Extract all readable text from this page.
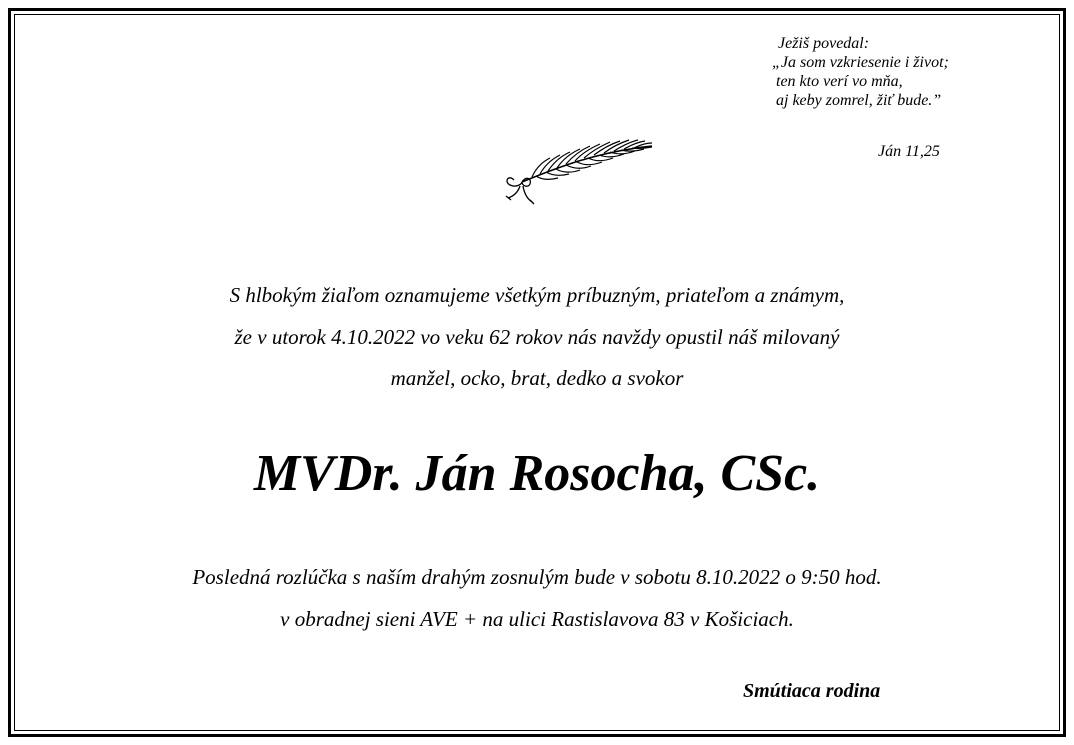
Ježiš povedal:
„Ja som vzkriesenie i život;
ten kto verí vo mňa,
aj keby zomrel, žiť bude.”
Ján 11,25
S hlbokým žiaľom oznamujeme všetkým príbuzným, priateľom a známym,
že v utorok 4.10.2022 vo veku 62 rokov nás navždy opustil náš milovaný
manžel, ocko, brat, dedko a svokor
MVDr. Ján Rosocha, CSc.
Posledná rozlúčka s naším drahým zosnulým bude v sobotu 8.10.2022 o 9:50 hod.
v obradnej sieni AVE + na ulici Rastislavova 83 v Košiciach.
Smútiaca rodina
